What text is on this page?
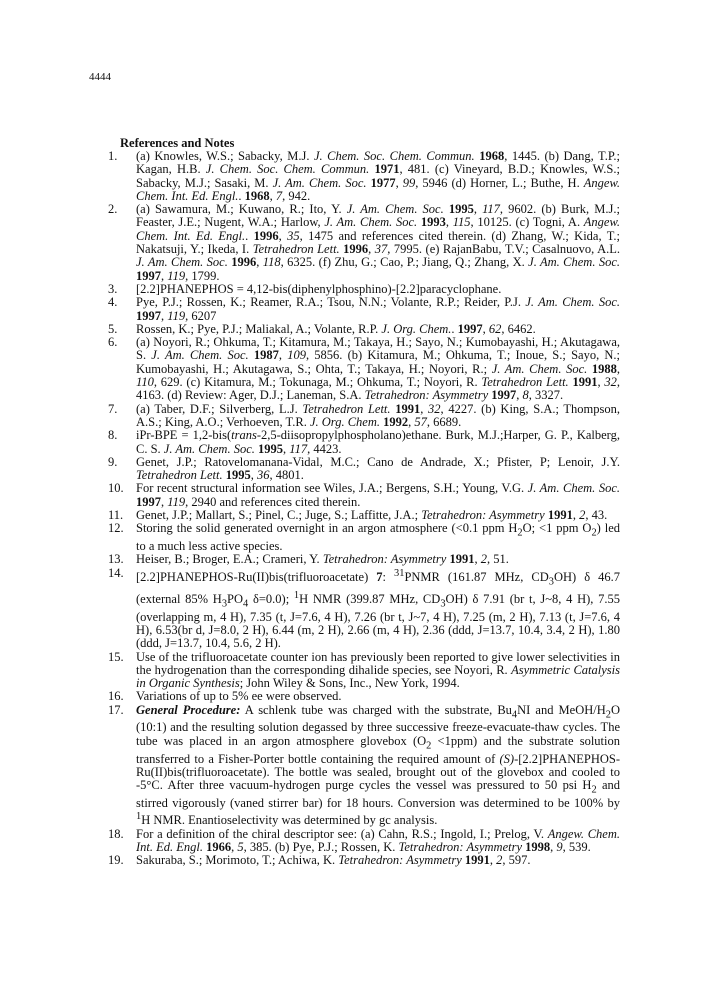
4444
References and Notes
1.	(a) Knowles, W.S.; Sabacky, M.J. J. Chem. Soc. Chem. Commun. 1968, 1445. (b) Dang, T.P.; Kagan, H.B. J. Chem. Soc. Chem. Commun. 1971, 481. (c) Vineyard, B.D.; Knowles, W.S.; Sabacky, M.J.; Sasaki, M. J. Am. Chem. Soc. 1977, 99, 5946 (d) Horner, L.; Buthe, H. Angew. Chem. Int. Ed. Engl.. 1968, 7, 942.
2.	(a) Sawamura, M.; Kuwano, R.; Ito, Y. J. Am. Chem. Soc. 1995, 117, 9602. (b) Burk, M.J.; Feaster, J.E.; Nugent, W.A.; Harlow, J. Am. Chem. Soc. 1993, 115, 10125. (c) Togni, A. Angew. Chem. Int. Ed. Engl.. 1996, 35, 1475 and references cited therein. (d) Zhang, W.; Kida, T.; Nakatsuji, Y.; Ikeda, I. Tetrahedron Lett. 1996, 37, 7995. (e) RajanBabu, T.V.; Casalnuovo, A.L. J. Am. Chem. Soc. 1996, 118, 6325. (f) Zhu, G.; Cao, P.; Jiang, Q.; Zhang, X. J. Am. Chem. Soc. 1997, 119, 1799.
3.	[2.2]PHANEPHOS = 4,12-bis(diphenylphosphino)-[2.2]paracyclophane.
4.	Pye, P.J.; Rossen, K.; Reamer, R.A.; Tsou, N.N.; Volante, R.P.; Reider, P.J. J. Am. Chem. Soc. 1997, 119, 6207
5.	Rossen, K.; Pye, P.J.; Maliakal, A.; Volante, R.P. J. Org. Chem.. 1997, 62, 6462.
6.	(a) Noyori, R.; Ohkuma, T.; Kitamura, M.; Takaya, H.; Sayo, N.; Kumobayashi, H.; Akutagawa, S. J. Am. Chem. Soc. 1987, 109, 5856. (b) Kitamura, M.; Ohkuma, T.; Inoue, S.; Sayo, N.; Kumobayashi, H.; Akutagawa, S.; Ohta, T.; Takaya, H.; Noyori, R.; J. Am. Chem. Soc. 1988, 110, 629. (c) Kitamura, M.; Tokunaga, M.; Ohkuma, T.; Noyori, R. Tetrahedron Lett. 1991, 32, 4163. (d) Review: Ager, D.J.; Laneman, S.A. Tetrahedron: Asymmetry 1997, 8, 3327.
7.	(a) Taber, D.F.; Silverberg, L.J. Tetrahedron Lett. 1991, 32, 4227. (b) King, S.A.; Thompson, A.S.; King, A.O.; Verhoeven, T.R. J. Org. Chem. 1992, 57, 6689.
8.	iPr-BPE = 1,2-bis(trans-2,5-diisopropylphospholano)ethane. Burk, M.J.;Harper, G. P., Kalberg, C. S. J. Am. Chem. Soc. 1995, 117, 4423.
9.	Genet, J.P.; Ratovelomanana-Vidal, M.C.; Cano de Andrade, X.; Pfister, P; Lenoir, J.Y. Tetrahedron Lett. 1995, 36, 4801.
10. For recent structural information see Wiles, J.A.; Bergens, S.H.; Young, V.G. J. Am. Chem. Soc. 1997, 119, 2940 and references cited therein.
11.	Genet, J.P.; Mallart, S.; Pinel, C.; Juge, S.; Laffitte, J.A.; Tetrahedron: Asymmetry 1991, 2, 43.
12. Storing the solid generated overnight in an argon atmosphere (<0.1 ppm $H_2O$; <1 ppm $O_2$) led to a much less active species.
13. Heiser, B.; Broger, E.A.; Crameri, Y. Tetrahedron: Asymmetry 1991, 2, 51.
14. [2.2]PHANEPHOS-Ru(II)bis(trifluoroacetate) 7: $^{31}$PNMR (161.87 MHz, $CD_3OH$) δ 46.7 (external 85% $H_3PO_4$ δ=0.0); $^1$H NMR (399.87 MHz, $CD_3OH$) δ 7.91 (br t, J~8, 4 H), 7.55 (overlapping m, 4 H), 7.35 (t, J=7.6, 4 H), 7.26 (br t, J~7, 4 H), 7.25 (m, 2 H), 7.13 (t, J=7.6, 4 H), 6.53(br d, J=8.0, 2 H), 6.44 (m, 2 H), 2.66 (m, 4 H), 2.36 (ddd, J=13.7, 10.4, 3.4, 2 H), 1.80 (ddd, J=13.7, 10.4, 5.6, 2 H).
15. Use of the trifluoroacetate counter ion has previously been reported to give lower selectivities in the hydrogenation than the corresponding dihalide species, see Noyori, R. Asymmetric Catalysis in Organic Synthesis; John Wiley & Sons, Inc., New York, 1994.
16. Variations of up to 5% ee were observed.
17. General Procedure: A schlenk tube was charged with the substrate, $Bu_4NI$ and MeOH/$H_2O$ (10:1) and the resulting solution degassed by three successive freeze-evacuate-thaw cycles. The tube was placed in an argon atmosphere glovebox $(O_2 <1ppm)$ and the substrate solution transferred to a Fisher-Porter bottle containing the required amount of (S)-[2.2]PHANEPHOS-Ru(II)bis(trifluoroacetate). The bottle was sealed, brought out of the glovebox and cooled to -5°C. After three vacuum-hydrogen purge cycles the vessel was pressured to 50 psi $H_2$ and stirred vigorously (vaned stirrer bar) for 18 hours. Conversion was determined to be 100% by $^1$H NMR. Enantioselectivity was determined by gc analysis.
18. For a definition of the chiral descriptor see: (a) Cahn, R.S.; Ingold, I.; Prelog, V. Angew. Chem. Int. Ed. Engl. 1966, 5, 385. (b) Pye, P.J.; Rossen, K. Tetrahedron: Asymmetry 1998, 9, 539.
19. Sakuraba, S.; Morimoto, T.; Achiwa, K. Tetrahedron: Asymmetry 1991, 2, 597.
